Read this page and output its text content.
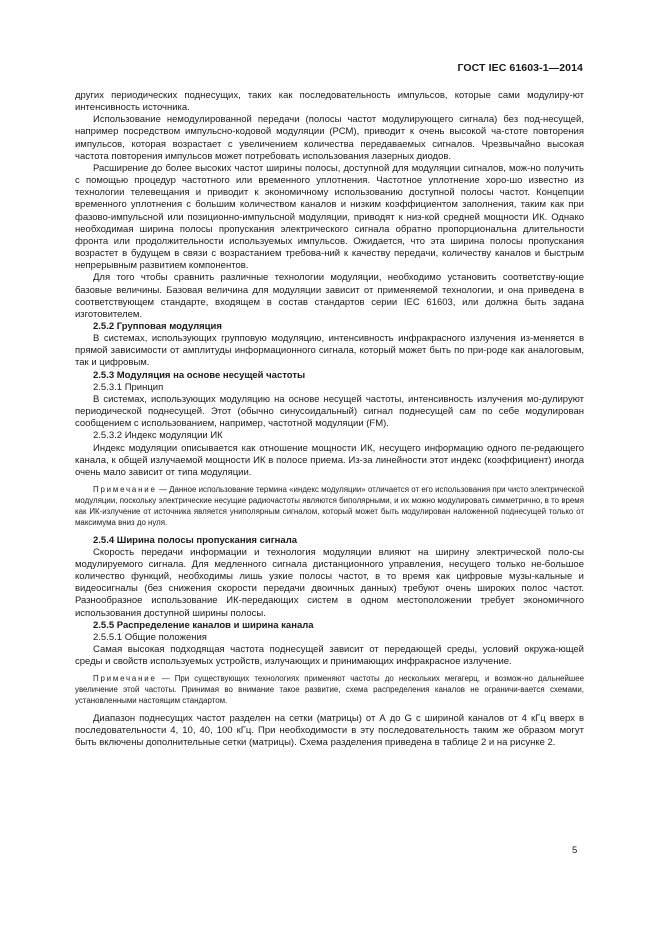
ГОСТ IEC 61603-1—2014

других периодических поднесущих, таких как последовательность импульсов, которые сами модулиру-ют интенсивность источника.

Использование немодулированной передачи (полосы частот модулирующего сигнала) без под-несущей, например посредством импульсно-кодовой модуляции (РСМ), приводит к очень высокой ча-стоте повторения импульсов, которая возрастает с увеличением количества передаваемых сигналов. Чрезвычайно высокая частота повторения импульсов может потребовать использования лазерных диодов.

Расширение до более высоких частот ширины полосы, доступной для модуляции сигналов, мож-но получить с помощью процедур частотного или временного уплотнения. Частотное уплотнение хоро-шо известно из технологии телевещания и приводит к экономичному использованию доступной полосы частот. Концепции временного уплотнения с большим количеством каналов и низким коэффициентом заполнения, таким как при фазово-импульсной или позиционно-импульсной модуляции, приводят к низ-кой средней мощности ИК. Однако необходимая ширина полосы пропускания электрического сигнала обратно пропорциональна длительности фронта или продолжительности используемых импульсов. Ожидается, что эта ширина полосы пропускания возрастет в будущем в связи с возрастанием требова-ний к качеству передачи, количеству каналов и быстрым непрерывным развитием компонентов.

Для того чтобы сравнить различные технологии модуляции, необходимо установить соответству-ющие базовые величины. Базовая величина для модуляции зависит от применяемой технологии, и она приведена в соответствующем стандарте, входящем в состав стандартов серии IEC 61603, или должна быть задана изготовителем.

2.5.2 Групповая модуляция

В системах, использующих групповую модуляцию, интенсивность инфракрасного излучения из-меняется в прямой зависимости от амплитуды информационного сигнала, который может быть по при-роде как аналоговым, так и цифровым.

2.5.3 Модуляция на основе несущей частоты

2.5.3.1 Принцип

В системах, использующих модуляцию на основе несущей частоты, интенсивность излучения мо-дулируют периодической поднесущей. Этот (обычно синусоидальный) сигнал поднесущей сам по себе модулирован сообщением с использованием, например, частотной модуляции (FM).

2.5.3.2 Индекс модуляции ИК

Индекс модуляции описывается как отношение мощности ИК, несущего информацию одного пе-редающего канала, к общей излучаемой мощности ИК в полосе приема. Из-за линейности этот индекс (коэффициент) иногда очень мало зависит от типа модуляции.

Примечание — Данное использование термина «индекс модуляции» отличается от его использования при чисто электрической модуляции, поскольку электрические несущие радиочастоты являются биполярными, и их можно модулировать симметрично, в то время как ИК-излучение от источника является униполярным сигналом, который может быть модулирован наложенной поднесущей только от максимума вниз до нуля.

2.5.4 Ширина полосы пропускания сигнала

Скорость передачи информации и технология модуляции влияют на ширину электрической поло-сы модулируемого сигнала. Для медленного сигнала дистанционного управления, несущего только не-большое количество функций, необходимы лишь узкие полосы частот, в то время как цифровые музы-кальные и видеосигналы (без снижения скорости передачи двоичных данных) требуют очень широких полос частот. Разнообразное использование ИК-передающих систем в одном местоположении требует экономичного использования доступной ширины полосы.

2.5.5 Распределение каналов и ширина канала

2.5.5.1 Общие положения

Самая высокая подходящая частота поднесущей зависит от передающей среды, условий окружа-ющей среды и свойств используемых устройств, излучающих и принимающих инфракрасное излучение.

Примечание — При существующих технологиях применяют частоты до нескольких мегагерц, и возмож-но дальнейшее увеличение этой частоты. Принимая во внимание такое развитие, схема распределения каналов не ограничи-вается схемами, установленными настоящим стандартом.

Диапазон поднесущих частот разделен на сетки (матрицы) от А до G с шириной каналов от 4 кГц вверх в последовательности 4, 10, 40, 100 кГц. При необходимости в эту последовательность таким же образом могут быть включены дополнительные сетки (матрицы). Схема разделения приведена в таблице 2 и на рисунке 2.

5
